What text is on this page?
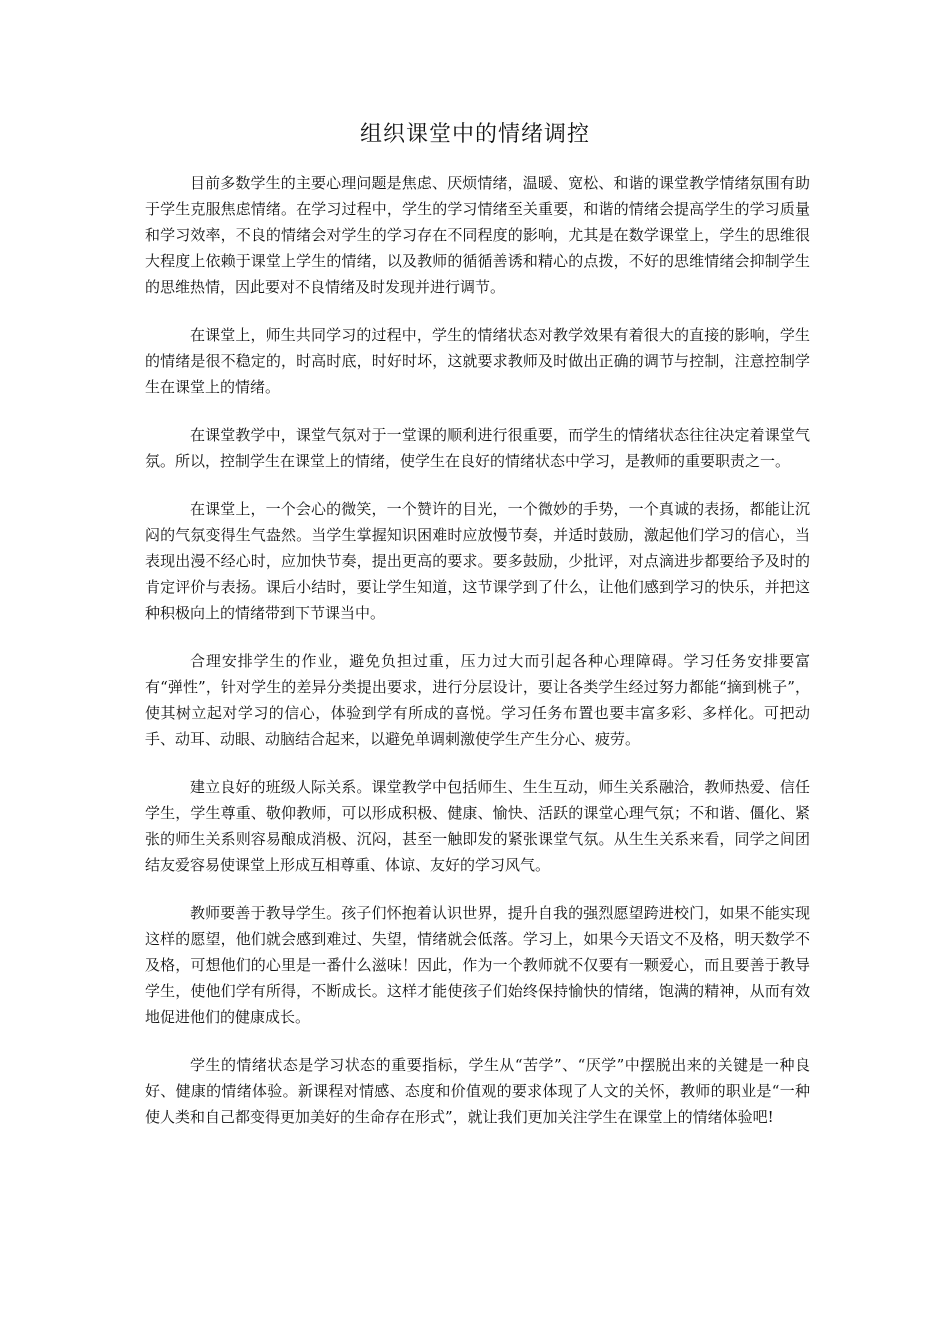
组织课堂中的情绪调控

目前多数学生的主要心理问题是焦虑、厌烦情绪，温暖、宽松、和谐的课堂教学情绪氛围有助于学生克服焦虑情绪。在学习过程中，学生的学习情绪至关重要，和谐的情绪会提高学生的学习质量和学习效率，不良的情绪会对学生的学习存在不同程度的影响，尤其是在数学课堂上，学生的思维很大程度上依赖于课堂上学生的情绪，以及教师的循循善诱和精心的点拨，不好的思维情绪会抑制学生的思维热情，因此要对不良情绪及时发现并进行调节。

在课堂上，师生共同学习的过程中，学生的情绪状态对教学效果有着很大的直接的影响，学生的情绪是很不稳定的，时高时底，时好时坏，这就要求教师及时做出正确的调节与控制，注意控制学生在课堂上的情绪。

在课堂教学中，课堂气氛对于一堂课的顺利进行很重要，而学生的情绪状态往往决定着课堂气氛。所以，控制学生在课堂上的情绪，使学生在良好的情绪状态中学习，是教师的重要职责之一。

在课堂上，一个会心的微笑，一个赞许的目光，一个微妙的手势，一个真诚的表扬，都能让沉闷的气氛变得生气盎然。当学生掌握知识困难时应放慢节奏，并适时鼓励，激起他们学习的信心，当表现出漫不经心时，应加快节奏，提出更高的要求。要多鼓励，少批评，对点滴进步都要给予及时的肯定评价与表扬。课后小结时，要让学生知道，这节课学到了什么，让他们感到学习的快乐，并把这种积极向上的情绪带到下节课当中。

合理安排学生的作业，避免负担过重，压力过大而引起各种心理障碍。学习任务安排要富有“弹性”，针对学生的差异分类提出要求，进行分层设计，要让各类学生经过努力都能“摘到桃子”，使其树立起对学习的信心，体验到学有所成的喜悦。学习任务布置也要丰富多彩、多样化。可把动手、动耳、动眼、动脑结合起来，以避免单调刺激使学生产生分心、疲劳。

建立良好的班级人际关系。课堂教学中包括师生、生生互动，师生关系融洽，教师热爱、信任学生，学生尊重、敬仰教师，可以形成积极、健康、愉快、活跃的课堂心理气氛；不和谐、僵化、紧张的师生关系则容易酿成消极、沉闷，甚至一触即发的紧张课堂气氛。从生生关系来看，同学之间团结友爱容易使课堂上形成互相尊重、体谅、友好的学习风气。

教师要善于教导学生。孩子们怀抱着认识世界，提升自我的强烈愿望跨进校门，如果不能实现这样的愿望，他们就会感到难过、失望，情绪就会低落。学习上，如果今天语文不及格，明天数学不及格，可想他们的心里是一番什么滋味！因此，作为一个教师就不仅要有一颗爱心，而且要善于教导学生，使他们学有所得，不断成长。这样才能使孩子们始终保持愉快的情绪，饱满的精神，从而有效地促进他们的健康成长。

学生的情绪状态是学习状态的重要指标，学生从“苦学”、“厌学”中摆脱出来的关键是一种良好、健康的情绪体验。新课程对情感、态度和价值观的要求体现了人文的关怀，教师的职业是“一种使人类和自己都变得更加美好的生命存在形式”，就让我们更加关注学生在课堂上的情绪体验吧!
